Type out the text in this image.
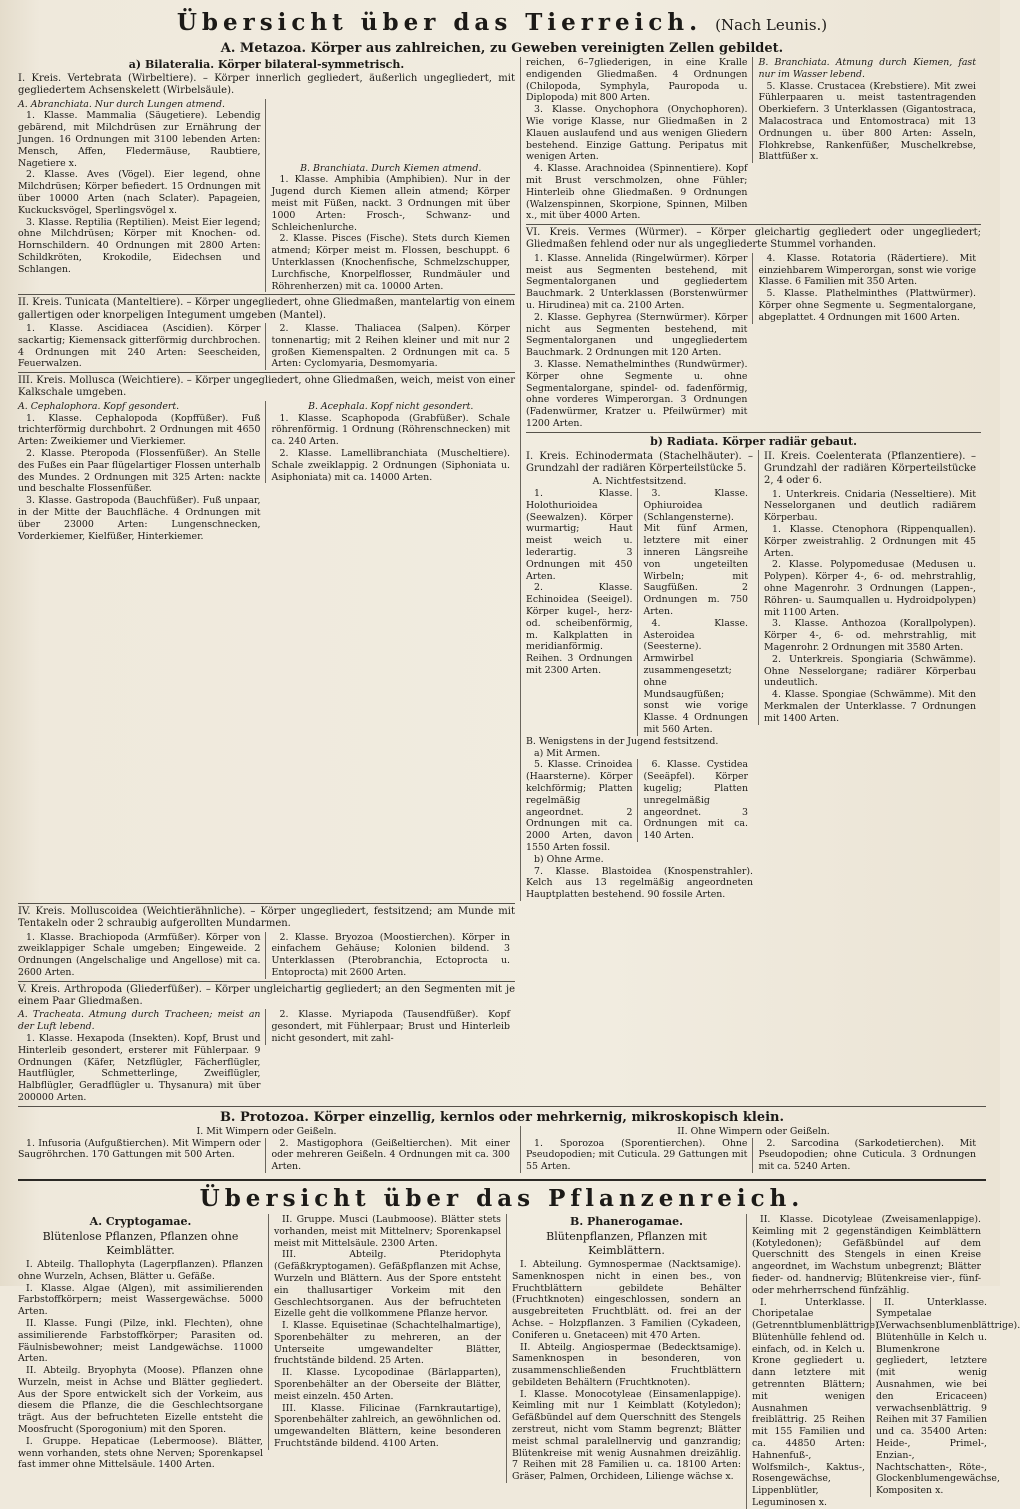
Übersicht über das Tierreich. (Nach Leunis.)
A. Metazoa. Körper aus zahlreichen, zu Geweben vereinigten Zellen gebildet.

a) Bilateralia. Körper bilateral-symmetrisch.

I. Kreis. Vertebrata (Wirbeltiere). – Körper innerlich gegliedert, äußerlich ungegliedert, mit gegliedertem Achsenskelett (Wirbelsäule).

A. Abranchiata. Nur durch Lungen atmend.

1. Klasse. Mammalia (Säugetiere). Lebendig gebärend, mit Milchdrüsen zur Ernährung der Jungen. 16 Ordnungen mit 3100 lebenden Arten: Mensch, Affen, Fledermäuse, Raubtiere, Nagetiere x.

2. Klasse. Aves (Vögel). Eier legend, ohne Milchdrüsen; Körper befiedert. 15 Ordnungen mit über 10000 Arten (nach Sclater). Papageien, Kuckucksvögel, Sperlingsvögel x.

3. Klasse. Reptilia (Reptilien). Meist Eier legend; ohne Milchdrüsen; Körper mit Knochen- od. Hornschildern. 40 Ordnungen mit 2800 Arten: Schildkröten, Krokodile, Eidechsen und Schlangen.

B. Branchiata. Durch Kiemen atmend.

1. Klasse. Amphibia (Amphibien). Nur in der Jugend durch Kiemen allein atmend; Körper meist mit Füßen, nackt. 3 Ordnungen mit über 1000 Arten: Frosch-, Schwanz- und Schleichenlurche.

2. Klasse. Pisces (Fische). Stets durch Kiemen atmend; Körper meist m. Flossen, beschuppt. 6 Unterklassen (Knochenfische, Schmelzschupper, Lurchfische, Knorpelflosser, Rundmäuler und Röhrenherzen) mit ca. 10000 Arten.

II. Kreis. Tunicata (Manteltiere). – Körper ungegliedert, ohne Gliedmaßen, mantelartig von einem gallertigen oder knorpeligen Integument umgeben (Mantel).

1. Klasse. Ascidiacea (Ascidien). Körper sackartig; Kiemensack gitterförmig durchbrochen. 4 Ordnungen mit 240 Arten: Seescheiden, Feuerwalzen.

2. Klasse. Thaliacea (Salpen). Körper tonnenartig; mit 2 Reihen kleiner und mit nur 2 großen Kiemenspalten. 2 Ordnungen mit ca. 5 Arten: Cyclomyaria, Desmomyaria.

III. Kreis. Mollusca (Weichtiere). – Körper ungegliedert, ohne Gliedmaßen, weich, meist von einer Kalkschale umgeben.

A. Cephalophora. Kopf gesondert.

1. Klasse. Cephalopoda (Kopffüßer). Fuß trichterförmig durchbohrt. 2 Ordnungen mit 4650 Arten: Zweikiemer und Vierkiemer.

2. Klasse. Pteropoda (Flossenfüßer). An Stelle des Fußes ein Paar flügelartiger Flossen unterhalb des Mundes. 2 Ordnungen mit 325 Arten: nackte und beschalte Flossenfüßer.

3. Klasse. Gastropoda (Bauchfüßer). Fuß unpaar, in der Mitte der Bauchfläche. 4 Ordnungen mit über 23000 Arten: Lungenschnecken, Vorderkiemer, Kielfüßer, Hinterkiemer.

B. Acephala. Kopf nicht gesondert.

1. Klasse. Scaphopoda (Grabfüßer). Schale röhrenförmig. 1 Ordnung (Röhrenschnecken) mit ca. 240 Arten.

2. Klasse. Lamellibranchiata (Muscheltiere). Schale zweiklappig. 2 Ordnungen (Siphoniata u. Asiphoniata) mit ca. 14000 Arten.

reichen, 6–7gliederigen, in eine Kralle endigenden Gliedmaßen. 4 Ordnungen (Chilopoda, Symphyla, Pauropoda u. Diplopoda) mit 800 Arten.

3. Klasse. Onychophora (Onychophoren). Wie vorige Klasse, nur Gliedmaßen in 2 Klauen auslaufend und aus wenigen Gliedern bestehend. Einzige Gattung. Peripatus mit wenigen Arten.

4. Klasse. Arachnoidea (Spinnentiere). Kopf mit Brust verschmolzen, ohne Fühler; Hinterleib ohne Gliedmaßen. 9 Ordnungen (Walzenspinnen, Skorpione, Spinnen, Milben x., mit über 4000 Arten.

B. Branchiata. Atmung durch Kiemen, fast nur im Wasser lebend.

5. Klasse. Crustacea (Krebstiere). Mit zwei Fühlerpaaren u. meist tastentragenden Oberkiefern. 3 Unterklassen (Gigantostraca, Malacostraca und Entomostraca) mit 13 Ordnungen u. über 800 Arten: Asseln, Flohkrebse, Rankenfüßer, Muschelkrebse, Blattfüßer x.

VI. Kreis. Vermes (Würmer). – Körper gleichartig gegliedert oder ungegliedert; Gliedmaßen fehlend oder nur als ungegliederte Stummel vorhanden.

1. Klasse. Annelida (Ringelwürmer). Körper meist aus Segmenten bestehend, mit Segmentalorganen und gegliedertem Bauchmark. 2 Unterklassen (Borstenwürmer u. Hirudinea) mit ca. 2100 Arten.

2. Klasse. Gephyrea (Sternwürmer). Körper nicht aus Segmenten bestehend, mit Segmentalorganen und ungegliedertem Bauchmark. 2 Ordnungen mit 120 Arten.

3. Klasse. Nemathelminthes (Rundwürmer). Körper ohne Segmente u. ohne Segmentalorgane, spindel- od. fadenförmig, ohne vorderes Wimperorgan. 3 Ordnungen (Fadenwürmer, Kratzer u. Pfeilwürmer) mit 1200 Arten.

4. Klasse. Rotatoria (Rädertiere). Mit einziehbarem Wimperorgan, sonst wie vorige Klasse. 6 Familien mit 350 Arten.

5. Klasse. Plathelminthes (Plattwürmer). Körper ohne Segmente u. Segmentalorgane, abgeplattet. 4 Ordnungen mit 1600 Arten.

b) Radiata. Körper radiär gebaut.

I. Kreis. Echinodermata (Stachelhäuter). – Grundzahl der radiären Körperteilstücke 5.

A. Nichtfestsitzend.

1. Klasse. Holothurioidea (Seewalzen). Körper wurmartig; Haut meist weich u. lederartig. 3 Ordnungen mit 450 Arten.

2. Klasse. Echinoidea (Seeigel). Körper kugel-, herz- od. scheibenförmig, m. Kalkplatten in meridianförmig. Reihen. 3 Ordnungen mit 2300 Arten.

3. Klasse. Ophiuroidea (Schlangensterne). Mit fünf Armen, letztere mit einer inneren Längsreihe von ungeteilten Wirbeln; mit Saugfüßen. 2 Ordnungen m. 750 Arten.

4. Klasse. Asteroidea (Seesterne). Armwirbel zusammengesetzt; ohne Mundsaugfüßen; sonst wie vorige Klasse. 4 Ordnungen mit 560 Arten.

B. Wenigstens in der Jugend festsitzend.

a) Mit Armen.

5. Klasse. Crinoidea (Haarsterne). Körper kelchförmig; Platten regelmäßig angeordnet. 2 Ordnungen mit ca. 2000 Arten, davon 1550 Arten fossil.

6. Klasse. Cystidea (Seeäpfel). Körper kugelig; Platten unregelmäßig angeordnet. 3 Ordnungen mit ca. 140 Arten.

b) Ohne Arme.

7. Klasse. Blastoidea (Knospenstrahler). Kelch aus 13 regelmäßig angeordneten Hauptplatten bestehend. 90 fossile Arten.

II. Kreis. Coelenterata (Pflanzentiere). – Grundzahl der radiären Körperteilstücke 2, 4 oder 6.

1. Unterkreis. Cnidaria (Nesseltiere). Mit Nesselorganen und deutlich radiärem Körperbau.

1. Klasse. Ctenophora (Rippenquallen). Körper zweistrahlig. 2 Ordnungen mit 45 Arten.

2. Klasse. Polypomedusae (Medusen u. Polypen). Körper 4-, 6- od. mehrstrahlig, ohne Magenrohr. 3 Ordnungen (Lappen-, Röhren- u. Saumquallen u. Hydroidpolypen) mit 1100 Arten.

3. Klasse. Anthozoa (Korallpolypen). Körper 4-, 6- od. mehrstrahlig, mit Magenrohr. 2 Ordnungen mit 3580 Arten.

2. Unterkreis. Spongiaria (Schwämme). Ohne Nesselorgane; radiärer Körperbau undeutlich.

4. Klasse. Spongiae (Schwämme). Mit den Merkmalen der Unterklasse. 7 Ordnungen mit 1400 Arten.

IV. Kreis. Molluscoidea (Weichtierähnliche). – Körper ungegliedert, festsitzend; am Munde mit Tentakeln oder 2 schraubig aufgerollten Mundarmen.

1. Klasse. Brachiopoda (Armfüßer). Körper von zweiklappiger Schale umgeben; Eingeweide. 2 Ordnungen (Angelschalige und Angellose) mit ca. 2600 Arten.

2. Klasse. Bryozoa (Moostierchen). Körper in einfachem Gehäuse; Kolonien bildend. 3 Unterklassen (Pterobranchia, Ectoprocta u. Entoprocta) mit 2600 Arten.

V. Kreis. Arthropoda (Gliederfüßer). – Körper ungleichartig gegliedert; an den Segmenten mit je einem Paar Gliedmaßen.

A. Tracheata. Atmung durch Tracheen; meist an der Luft lebend.

1. Klasse. Hexapoda (Insekten). Kopf, Brust und Hinterleib gesondert, ersterer mit Fühlerpaar. 9 Ordnungen (Käfer, Netzflügler, Fächerflügler, Hautflügler, Schmetterlinge, Zweiflügler, Halbflügler, Geradflügler u. Thysanura) mit über 200000 Arten.

2. Klasse. Myriapoda (Tausendfüßer). Kopf gesondert, mit Fühlerpaar; Brust und Hinterleib nicht gesondert, mit zahl-

B. Protozoa. Körper einzellig, kernlos oder mehrkernig, mikroskopisch klein.

I. Mit Wimpern oder Geißeln.

1. Infusoria (Aufgußtierchen). Mit Wimpern oder Saugröhrchen. 170 Gattungen mit 500 Arten.

2. Mastigophora (Geißeltierchen). Mit einer oder mehreren Geißeln. 4 Ordnungen mit ca. 300 Arten.

II. Ohne Wimpern oder Geißeln.

1. Sporozoa (Sporentierchen). Ohne Pseudopodien; mit Cuticula. 29 Gattungen mit 55 Arten.

2. Sarcodina (Sarkodetierchen). Mit Pseudopodien; ohne Cuticula. 3 Ordnungen mit ca. 5240 Arten.

Übersicht über das Pflanzenreich.

A. Cryptogamae.

Blütenlose Pflanzen, Pflanzen ohne Keimblätter.

I. Abteilg. Thallophyta (Lagerpflanzen). Pflanzen ohne Wurzeln, Achsen, Blätter u. Gefäße.

I. Klasse. Algae (Algen), mit assimilierenden Farbstoffkörpern; meist Wassergewächse. 5000 Arten.

II. Klasse. Fungi (Pilze, inkl. Flechten), ohne assimilierende Farbstoffkörper; Parasiten od. Fäulnisbewohner; meist Landgewächse. 11000 Arten.

II. Abteilg. Bryophyta (Moose). Pflanzen ohne Wurzeln, meist in Achse und Blätter gegliedert. Aus der Spore entwickelt sich der Vorkeim, aus diesem die Pflanze, die die Geschlechtsorgane trägt. Aus der befruchteten Eizelle entsteht die Moosfrucht (Sporogonium) mit den Sporen.

I. Gruppe. Hepaticae (Lebermoose). Blätter, wenn vorhanden, stets ohne Nerven; Sporenkapsel fast immer ohne Mittelsäule. 1400 Arten.

II. Gruppe. Musci (Laubmoose). Blätter stets vorhanden, meist mit Mittelnerv; Sporenkapsel meist mit Mittelsäule. 2300 Arten.

III. Abteilg. Pteridophyta (Gefäßkryptogamen). Gefäßpflanzen mit Achse, Wurzeln und Blättern. Aus der Spore entsteht ein thallusartiger Vorkeim mit den Geschlechtsorganen. Aus der befruchteten Eizelle geht die vollkommene Pflanze hervor.

I. Klasse. Equisetinae (Schachtelhalmartige), Sporenbehälter zu mehreren, an der Unterseite umgewandelter Blätter, fruchtstände bildend. 25 Arten.

II. Klasse. Lycopodinae (Bärlapparten), Sporenbehälter an der Oberseite der Blätter, meist einzeln. 450 Arten.

III. Klasse. Filicinae (Farnkrautartige), Sporenbehälter zahlreich, an gewöhnlichen od. umgewandelten Blättern, keine besonderen Fruchtstände bildend. 4100 Arten.

B. Phanerogamae.

Blütenpflanzen, Pflanzen mit Keimblättern.

I. Abteilung. Gymnospermae (Nacktsamige). Samenknospen nicht in einen bes., von Fruchtblättern gebildete Behälter (Fruchtknoten) eingeschlossen, sondern an ausgebreiteten Fruchtblätt. od. frei an der Achse. – Holzpflanzen. 3 Familien (Cykadeen, Coniferen u. Gnetaceen) mit 470 Arten.

II. Abteilg. Angiospermae (Bedecktsamige). Samenknospen in besonderen, von zusammenschließenden Fruchtblättern gebildeten Behältern (Fruchtknoten).

I. Klasse. Monocotyleae (Einsamenlappige). Keimling mit nur 1 Keimblatt (Kotyledon); Gefäßbündel auf dem Querschnitt des Stengels zerstreut, nicht vom Stamm begrenzt; Blätter meist schmal paralellnervig und ganzrandig; Blütenkreise mit wenig Ausnahmen dreizählig. 7 Reihen mit 28 Familien u. ca. 18100 Arten: Gräser, Palmen, Orchideen, Lilienge wächse x.

II. Klasse. Dicotyleae (Zweisamenlappige). Keimling mit 2 gegenständigen Keimblättern (Kotyledonen); Gefäßbündel auf dem Querschnitt des Stengels in einen Kreise angeordnet, im Wachstum unbegrenzt; Blätter fieder- od. handnervig; Blütenkreise vier-, fünf- oder mehrherrschend fünfzählig.

I. Unterklasse. Choripetalae (Getrenntblumenblättrige). Blütenhülle fehlend od. einfach, od. in Kelch u. Krone gegliedert u. dann letztere mit getrennten Blättern; mit wenigen Ausnahmen freiblättrig. 25 Reihen mit 155 Familien und ca. 44850 Arten: Hahnenfuß-, Wolfsmilch-, Kaktus-, Rosengewächse, Lippenblütler, Leguminosen x.

II. Unterklasse. Sympetalae (Verwachsenblumenblättrige). Blütenhülle in Kelch u. Blumenkrone gegliedert, letztere (mit wenig Ausnahmen, wie bei den Ericaceen) verwachsenblättrig. 9 Reihen mit 37 Familien und ca. 35400 Arten: Heide-, Primel-, Enzian-, Nachtschatten-, Röte-, Glockenblumengewächse, Kompositen x.
